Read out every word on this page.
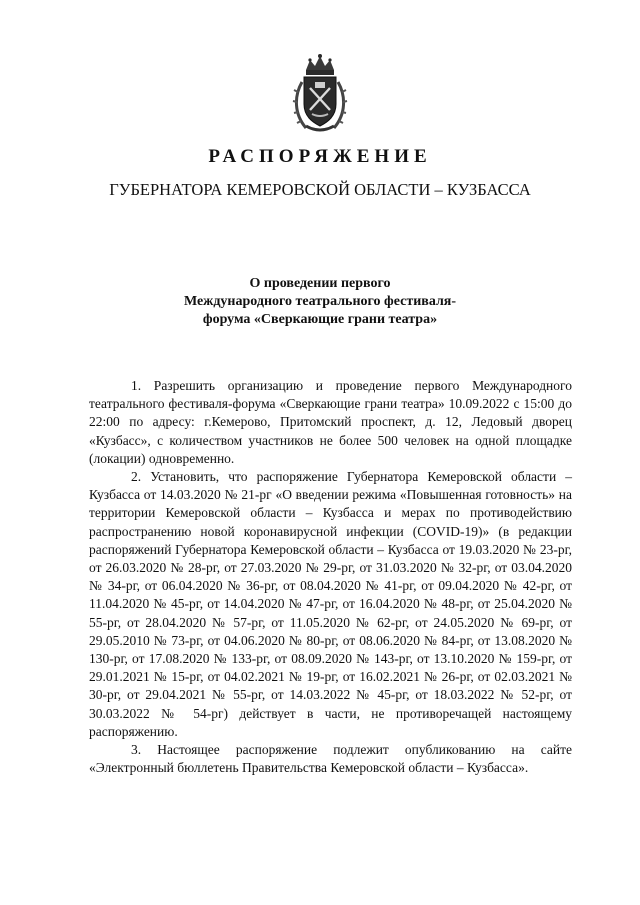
РАСПОРЯЖЕНИЕ
ГУБЕРНАТОРА КЕМЕРОВСКОЙ ОБЛАСТИ – КУЗБАССА
О проведении первого
Международного театрального фестиваля-
форума «Сверкающие грани театра»

1. Разрешить организацию и проведение первого Международного театрального фестиваля-форума «Сверкающие грани театра» 10.09.2022 с 15:00 до 22:00 по адресу: г.Кемерово, Притомский проспект, д. 12, Ледовый дворец «Кузбасс», с количеством участников не более 500 человек на одной площадке (локации) одновременно.

2. Установить, что распоряжение Губернатора Кемеровской области – Кузбасса от 14.03.2020 № 21-рг «О введении режима «Повышенная готовность» на территории Кемеровской области – Кузбасса и мерах по противодействию распространению новой коронавирусной инфекции (COVID-19)» (в редакции распоряжений Губернатора Кемеровской области – Кузбасса от 19.03.2020 № 23-рг, от 26.03.2020 № 28-рг, от 27.03.2020 № 29-рг, от 31.03.2020 № 32-рг, от 03.04.2020 № 34-рг, от 06.04.2020 № 36-рг, от 08.04.2020 № 41-рг, от 09.04.2020 № 42-рг, от 11.04.2020 № 45-рг, от 14.04.2020 № 47-рг, от 16.04.2020 № 48-рг, от 25.04.2020 № 55-рг, от 28.04.2020 № 57-рг, от 11.05.2020 № 62-рг, от 24.05.2020 № 69-рг, от 29.05.2010 № 73-рг, от 04.06.2020 № 80-рг, от 08.06.2020 № 84-рг, от 13.08.2020 № 130-рг, от 17.08.2020 № 133-рг, от 08.09.2020 № 143-рг, от 13.10.2020 № 159-рг, от 29.01.2021 № 15-рг, от 04.02.2021 № 19-рг, от 16.02.2021 № 26-рг, от 02.03.2021 № 30-рг, от 29.04.2021 № 55-рг, от 14.03.2022 № 45-рг, от 18.03.2022 № 52-рг, от 30.03.2022 № 54-рг) действует в части, не противоречащей настоящему распоряжению.

3. Настоящее распоряжение подлежит опубликованию на сайте «Электронный бюллетень Правительства Кемеровской области – Кузбасса».
